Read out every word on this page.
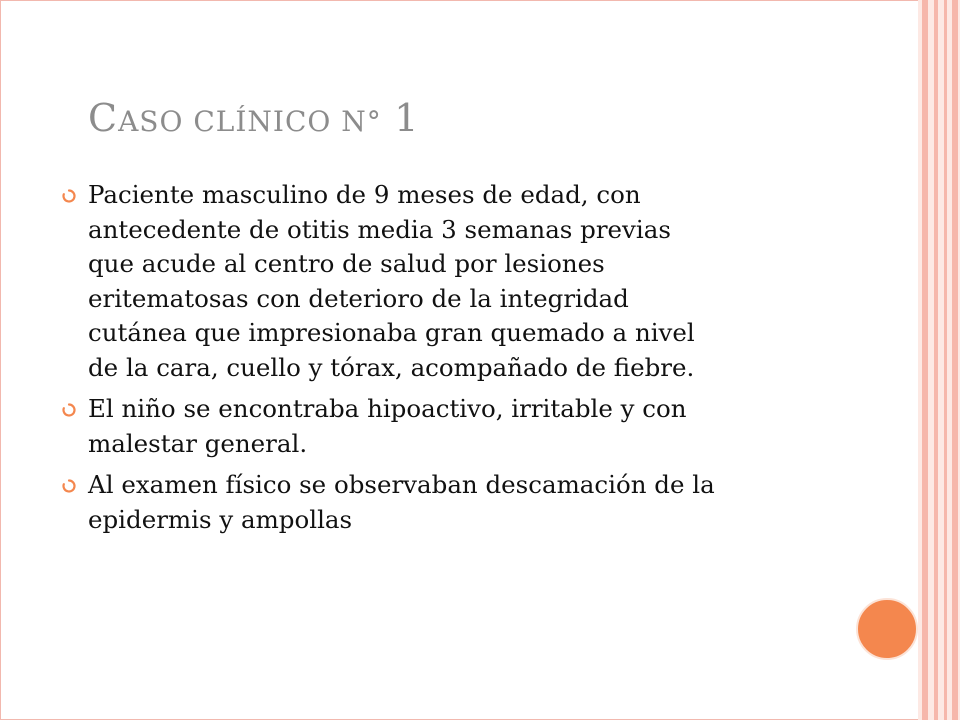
CASO CLÍNICO N° 1
Paciente masculino de 9 meses de edad, con
antecedente de otitis media 3 semanas previas
que acude al centro de salud por lesiones
eritematosas con deterioro de la integridad
cutánea que impresionaba gran quemado a nivel
de la cara, cuello y tórax, acompañado de fiebre.
El niño se encontraba hipoactivo, irritable y con
malestar general.
Al examen físico se observaban descamación de la
epidermis y ampollas
